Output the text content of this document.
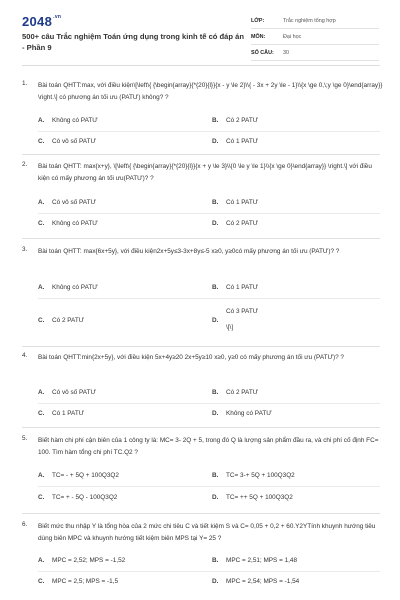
$2048^{.vn}$
500+ câu Trắc nghiệm Toán ứng dụng trong kinh tế có đáp án - Phần 9
LỚP:	Trắc nghiệm tổng hợp
MÔN:	Đại học
SỐ CÂU:	30
1. Bài toán QHTT:max, với điều kiện\[\left\{ {\begin{array}{*{20}{l}}{x - y \le 2}\\{ - 3x + 2y \le - 1}\\{x \ge 0,\;y \ge 0}\end{array}} \right.\] có phương án tối ưu (PATƯ) không? ?
A. Không có PATƯ	B. Có 2 PATƯ
C. Có vô số PATƯ	D. Có 1 PATƯ
2. Bài toán QHTT: max{x+y}, \[\left\{ {\begin{array}{*{20}{l}}{x + y \le 3}\\{0 \le y \le 1}\\{x \ge 0}\end{array}} \right.\] với điều kiện có mấy phương án tối ưu(PATƯ)? ?
A. Có vô số PATƯ	B. Có 1 PATƯ
C. Không có PATƯ	D. Có 2 PATƯ
3. Bài toán QHTT: max{6x+5y}, với điều kiện2x+5y≤3-3x+8y≤-5 x≥0, y≥0có mấy phương án tối ưu (PATƯ)? ?
A. Không có PATƯ	B. Có 1 PATƯ
C. Có 2 PATƯ	D.Có 3 PATƯ
\[\]
4. Bài toán QHTT:min{2x+5y}, với điều kiện 5x+4y≥20 2x+5y≥10 x≥0, y≥0 có mấy phương án tối ưu (PATƯ)? ?
A. Có vô số PATƯ	B. Có 2 PATƯ
C. Có 1 PATƯ	D. Không có PATƯ
5. Biết hàm chi phí cận biên của 1 công ty là: MC= 3- 2Q + 5, trong đó Q là lượng sản phẩm đầu ra, và chi phí cố định FC= 100. Tìm hàm tổng chi phí TC.Q2 ?
A. TC= - + 5Q + 100Q3Q2	B. TC= 3-+ 5Q + 100Q3Q2
C. TC= + - 5Q - 100Q3Q2	D. TC= ++ 5Q + 100Q3Q2
6. Biết mức thu nhập Y là tổng hòa của 2 mức chi tiêu C và tiết kiệm S và C= 0,05 + 0,2 + 60.Y2YTính khuynh hướng tiêu dùng biên MPC và khuynh hướng tiết kiệm biên MPS tại Y= 25 ?
A. MPC = 2,52; MPS = -1,52	B. MPC = 2,51; MPS = 1,48
C. MPC = 2,5; MPS = -1,5	D. MPC = 2,54; MPS = -1,54
